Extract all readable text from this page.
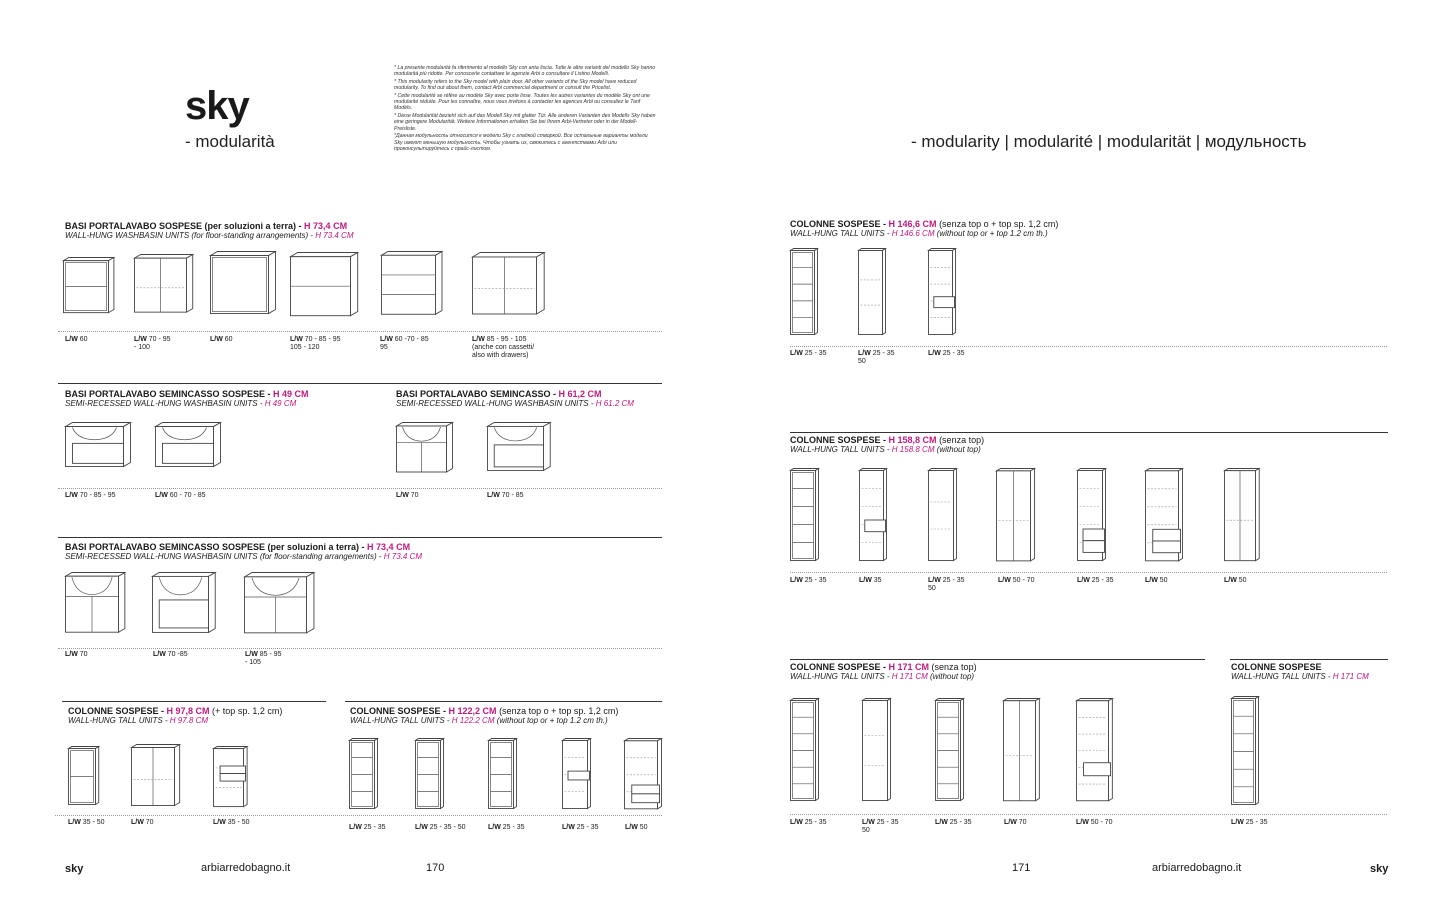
sky
- modularità

* La presente modularità fa riferimento al modello Sky con anta liscia. Tutte le altre varianti del modello Sky hanno modularità più ridotte. Per conoscerle contattare le agenzie Arbi o consultare il Listino Modelli.

* This modularity refers to the Sky model with plain door. All other variants of the Sky model have reduced modularity. To find out about them, contact Arbi commercial department or consult the Pricelist.

* Cette modularité se réfère au modèle Sky avec porte lisse. Toutes les autres variantes du modèle Sky ont une modularité réduite. Pour les connaître, nous vous invitons à contacter les agences Arbi ou consultez le Tarif Modèls.

* Diese Modularität bezieht sich auf das Modell Sky mit glatter Tür. Alle anderen Varianten des Modells Sky haben eine geringere Modularität. Weitere Informationen erhalten Sie bei Ihrem Arbi-Vertreter oder in der Modell-Preisliste.

*Данная модульность относится к модели Sky с гладкой створкой. Все остальные варианты модели Sky имеют меньшую модульность. Чтобы узнать их, свяжитесь с агентствами Arbi или проконсультируйтесь с прайс-листом.	- modularity | modularité | modularität | модульность
BASI PORTALAVABO SOSPESE (per soluzioni a terra) - H 73,4 CM
WALL-HUNG WASHBASIN UNITS (for floor-standing arrangements) - H 73.4 CM
BASI PORTALAVABO SEMINCASSO SOSPESE - H 49 CM
SEMI-RECESSED WALL-HUNG WASHBASIN UNITS - H 49 CM
BASI PORTALAVABO SEMINCASSO - H 61,2 CM
SEMI-RECESSED WALL-HUNG WASHBASIN UNITS - H 61.2 CM
BASI PORTALAVABO SEMINCASSO SOSPESE (per soluzioni a terra) - H 73,4 CM
SEMI-RECESSED WALL-HUNG WASHBASIN UNITS (for floor-standing arrangements) - H 73.4 CM
COLONNE SOSPESE - H 97,8 CM (+ top sp. 1,2 cm)
WALL-HUNG TALL UNITS - H 97.8 CM
COLONNE SOSPESE - H 122,2 CM (senza top o + top sp. 1,2 cm)
WALL-HUNG TALL UNITS - H 122.2 CM (without top or + top 1.2 cm th.)
COLONNE SOSPESE - H 146,6 CM (senza top o + top sp. 1,2 cm)
WALL-HUNG TALL UNITS - H 146.6 CM (without top or + top 1.2 cm th.)
COLONNE SOSPESE - H 158,8 CM (senza top)
WALL-HUNG TALL UNITS - H 158.8 CM (without top)
COLONNE SOSPESE - H 171 CM (senza top)
WALL-HUNG TALL UNITS - H 171 CM (without top)
COLONNE SOSPESE
WALL-HUNG TALL UNITS - H 171 CM
sky	arbiarredobagno.it	170	171	arbiarredobagno.it	sky
L/W 60	L/W 70 - 95
- 100
L/W 60	L/W 70 - 85 - 95
105 - 120
L/W 60 -70 - 85
95
L/W 85 - 95 - 105
(anche con cassetti/
also with drawers)
L/W 70 - 85 - 95	L/W 60 - 70 - 85	L/W 70	L/W 70 - 85
L/W 70	L/W 70 -85	L/W 85 - 95
- 105
L/W 35 - 50	L/W 70	L/W 35 - 50
L/W 25 - 35	L/W 25 - 35 - 50	L/W 25 - 35	L/W 25 - 35	L/W 50
L/W 25 - 35	L/W 25 - 35
50
L/W 25 - 35
L/W 25 - 35	L/W 35	L/W 25 - 35
50
L/W 50 - 70	L/W 25 - 35	L/W 50	L/W 50
L/W 25 - 35	L/W 25 - 35
50
L/W 25 - 35	L/W 70	L/W 50 - 70	L/W 25 - 35
